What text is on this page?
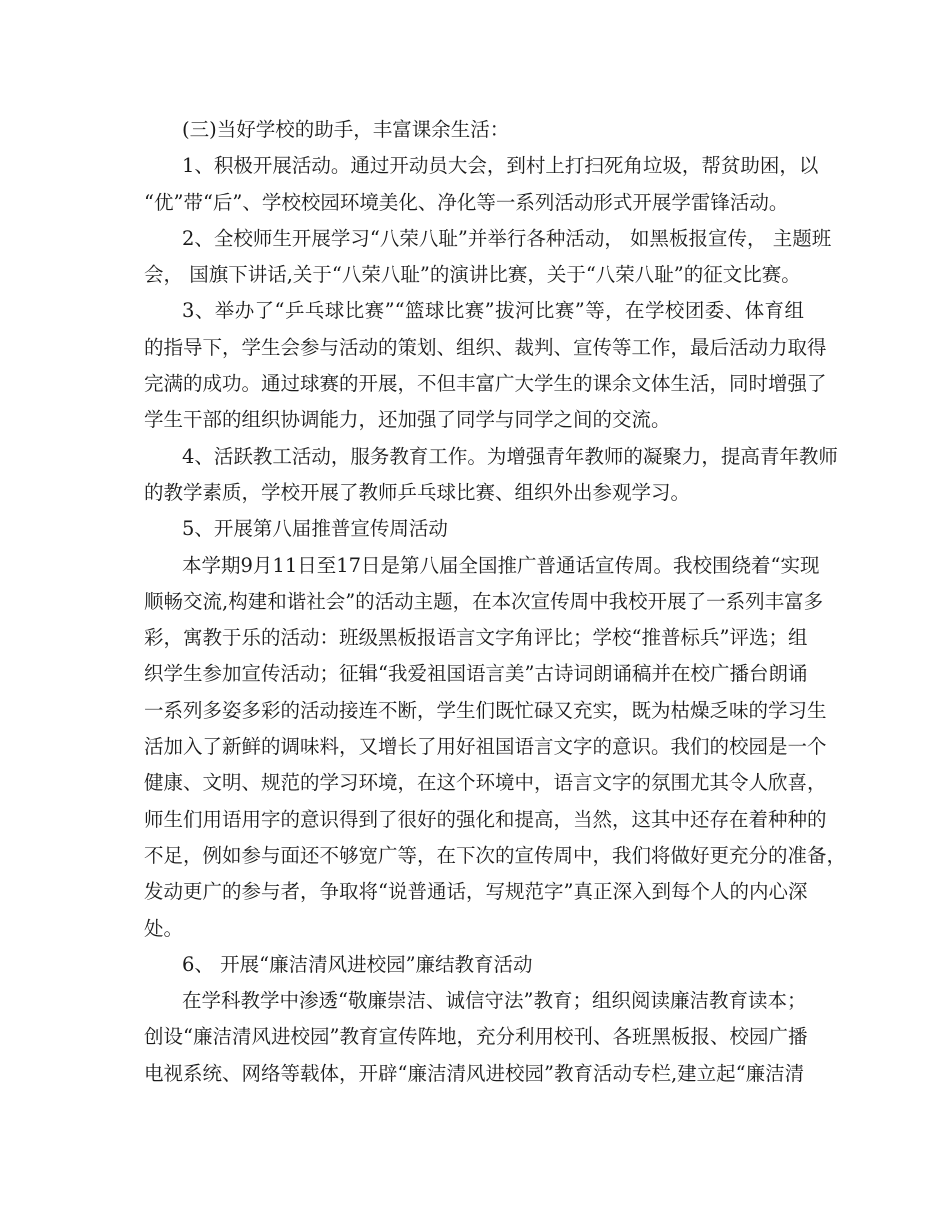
(三)当好学校的助手，丰富课余生活：
1、积极开展活动。通过开动员大会，到村上打扫死角垃圾，帮贫助困，以
“优”带“后”、学校校园环境美化、净化等一系列活动形式开展学雷锋活动。
2、全校师生开展学习“八荣八耻”并举行各种活动， 如黑板报宣传， 主题班
会， 国旗下讲话,关于“八荣八耻”的演讲比赛，关于“八荣八耻”的征文比赛。
3、举办了“乒乓球比赛”“篮球比赛”拔河比赛”等，在学校团委、体育组
的指导下，学生会参与活动的策划、组织、裁判、宣传等工作，最后活动力取得
完满的成功。通过球赛的开展，不但丰富广大学生的课余文体生活，同时增强了
学生干部的组织协调能力，还加强了同学与同学之间的交流。
4、活跃教工活动，服务教育工作。为增强青年教师的凝聚力，提高青年教师
的教学素质，学校开展了教师乒乓球比赛、组织外出参观学习。
5、开展第八届推普宣传周活动
本学期9月11日至17日是第八届全国推广普通话宣传周。我校围绕着“实现
顺畅交流,构建和谐社会”的活动主题，在本次宣传周中我校开展了一系列丰富多
彩，寓教于乐的活动：班级黑板报语言文字角评比；学校“推普标兵”评选；组
织学生参加宣传活动；征辑“我爱祖国语言美”古诗词朗诵稿并在校广播台朗诵
一系列多姿多彩的活动接连不断，学生们既忙碌又充实，既为枯燥乏味的学习生
活加入了新鲜的调味料，又增长了用好祖国语言文字的意识。我们的校园是一个
健康、文明、规范的学习环境，在这个环境中，语言文字的氛围尤其令人欣喜，
师生们用语用字的意识得到了很好的强化和提高，当然，这其中还存在着种种的
不足，例如参与面还不够宽广等，在下次的宣传周中，我们将做好更充分的准备，
发动更广的参与者，争取将“说普通话，写规范字”真正深入到每个人的内心深
处。
6、 开展“廉洁清风进校园”廉结教育活动
在学科教学中渗透“敬廉崇洁、诚信守法”教育；组织阅读廉洁教育读本；
创设“廉洁清风进校园”教育宣传阵地，充分利用校刊、各班黑板报、校园广播
电视系统、网络等载体，开辟“廉洁清风进校园”教育活动专栏,建立起“廉洁清
